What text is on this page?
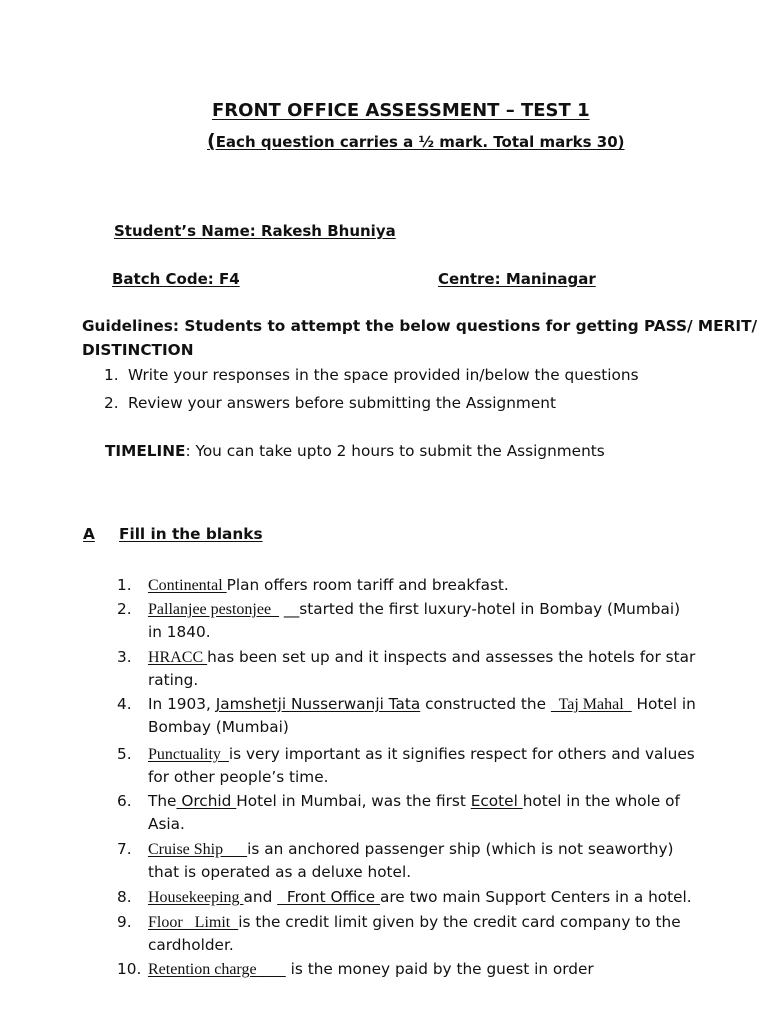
FRONT OFFICE ASSESSMENT – TEST 1
(Each question carries a ½ mark. Total marks 30)
Student’s Name: Rakesh Bhuniya
Batch Code: F4	Centre: Maninagar
Guidelines: Students to attempt the below questions for getting PASS/ MERIT/
DISTINCTION
1. Write your responses in the space provided in/below the questions
2. Review your answers before submitting the Assignment
TIMELINE: You can take upto 2 hours to submit the Assignments
A Fill in the blanks
1. Continental Plan offers room tariff and breakfast.
2. Pallanjee pestonjee   __started the first luxury-hotel in Bombay (Mumbai)
in 1840.
3. HRACC has been set up and it inspects and assesses the hotels for star
rating.
4. In 1903, Jamshetji Nusserwanji Tata constructed the   Taj Mahal   Hotel in
Bombay (Mumbai)
5. Punctuality  is very important as it signifies respect for others and values
for other people’s time.
6. The Orchid Hotel in Mumbai, was the first Ecotel hotel in the whole of
Asia.
7. Cruise Ship      is an anchored passenger ship (which is not seaworthy)
that is operated as a deluxe hotel.
8. Housekeeping and   Front Office are two main Support Centers in a hotel.
9. Floor   Limit  is the credit limit given by the credit card company to the
cardholder.
10. Retention charge       is the money paid by the guest in order
